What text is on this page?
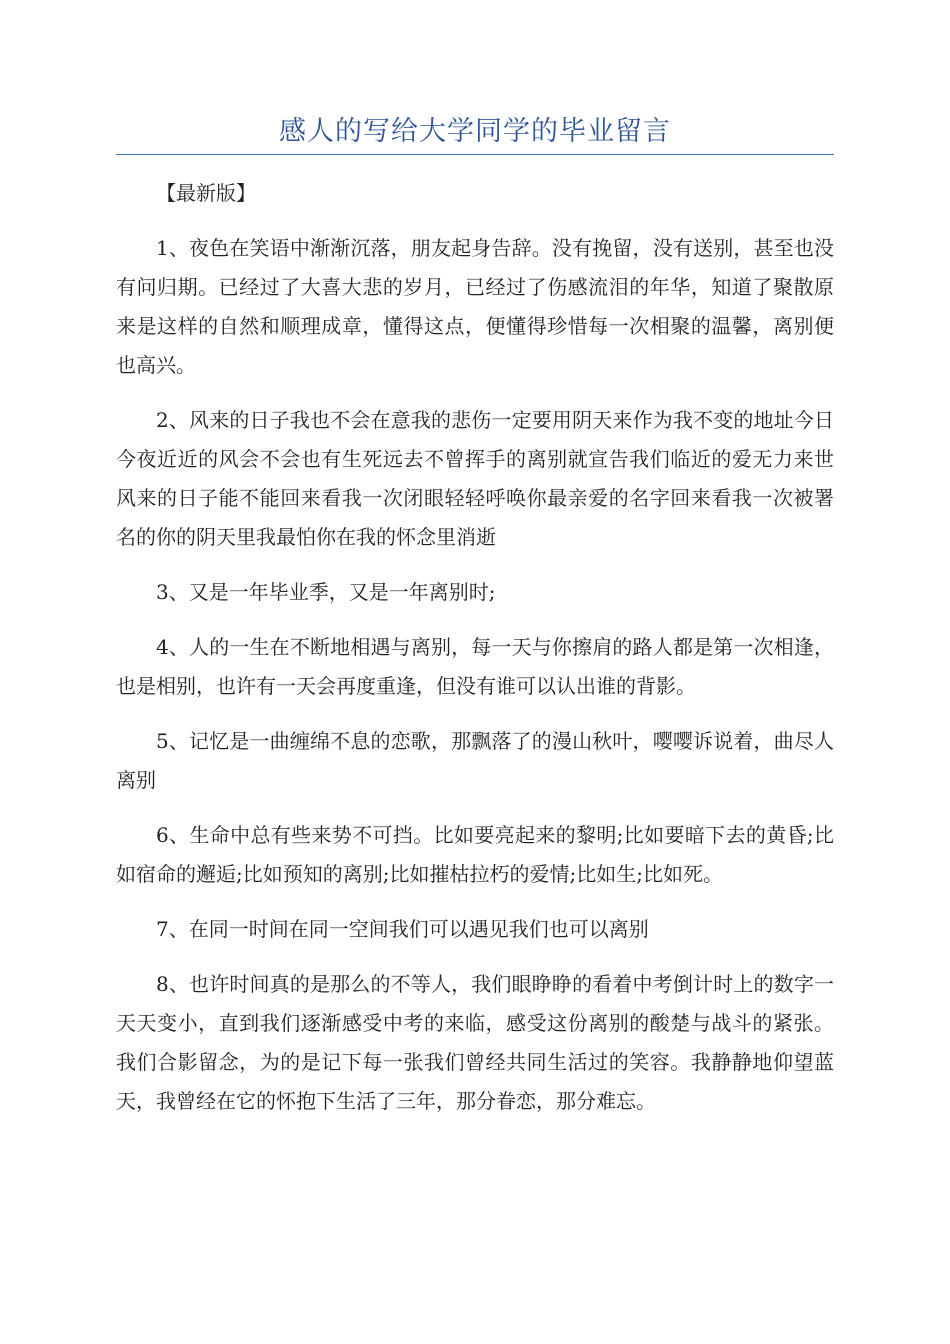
感人的写给大学同学的毕业留言

【最新版】

1、夜色在笑语中渐渐沉落，朋友起身告辞。没有挽留，没有送别，甚至也没有问归期。已经过了大喜大悲的岁月，已经过了伤感流泪的年华，知道了聚散原来是这样的自然和顺理成章，懂得这点，便懂得珍惜每一次相聚的温馨，离别便也高兴。

2、风来的日子我也不会在意我的悲伤一定要用阴天来作为我不变的地址今日今夜近近的风会不会也有生死远去不曾挥手的离别就宣告我们临近的爱无力来世风来的日子能不能回来看我一次闭眼轻轻呼唤你最亲爱的名字回来看我一次被署名的你的阴天里我最怕你在我的怀念里消逝

3、又是一年毕业季，又是一年离别时;

4、人的一生在不断地相遇与离别，每一天与你擦肩的路人都是第一次相逢，也是相别，也许有一天会再度重逢，但没有谁可以认出谁的背影。

5、记忆是一曲缠绵不息的恋歌，那飘落了的漫山秋叶，嘤嘤诉说着，曲尽人离别

6、生命中总有些来势不可挡。比如要亮起来的黎明;比如要暗下去的黄昏;比如宿命的邂逅;比如预知的离别;比如摧枯拉朽的爱情;比如生;比如死。

7、在同一时间在同一空间我们可以遇见我们也可以离别

8、也许时间真的是那么的不等人，我们眼睁睁的看着中考倒计时上的数字一天天变小，直到我们逐渐感受中考的来临，感受这份离别的酸楚与战斗的紧张。我们合影留念，为的是记下每一张我们曾经共同生活过的笑容。我静静地仰望蓝天，我曾经在它的怀抱下生活了三年，那分眷恋，那分难忘。
